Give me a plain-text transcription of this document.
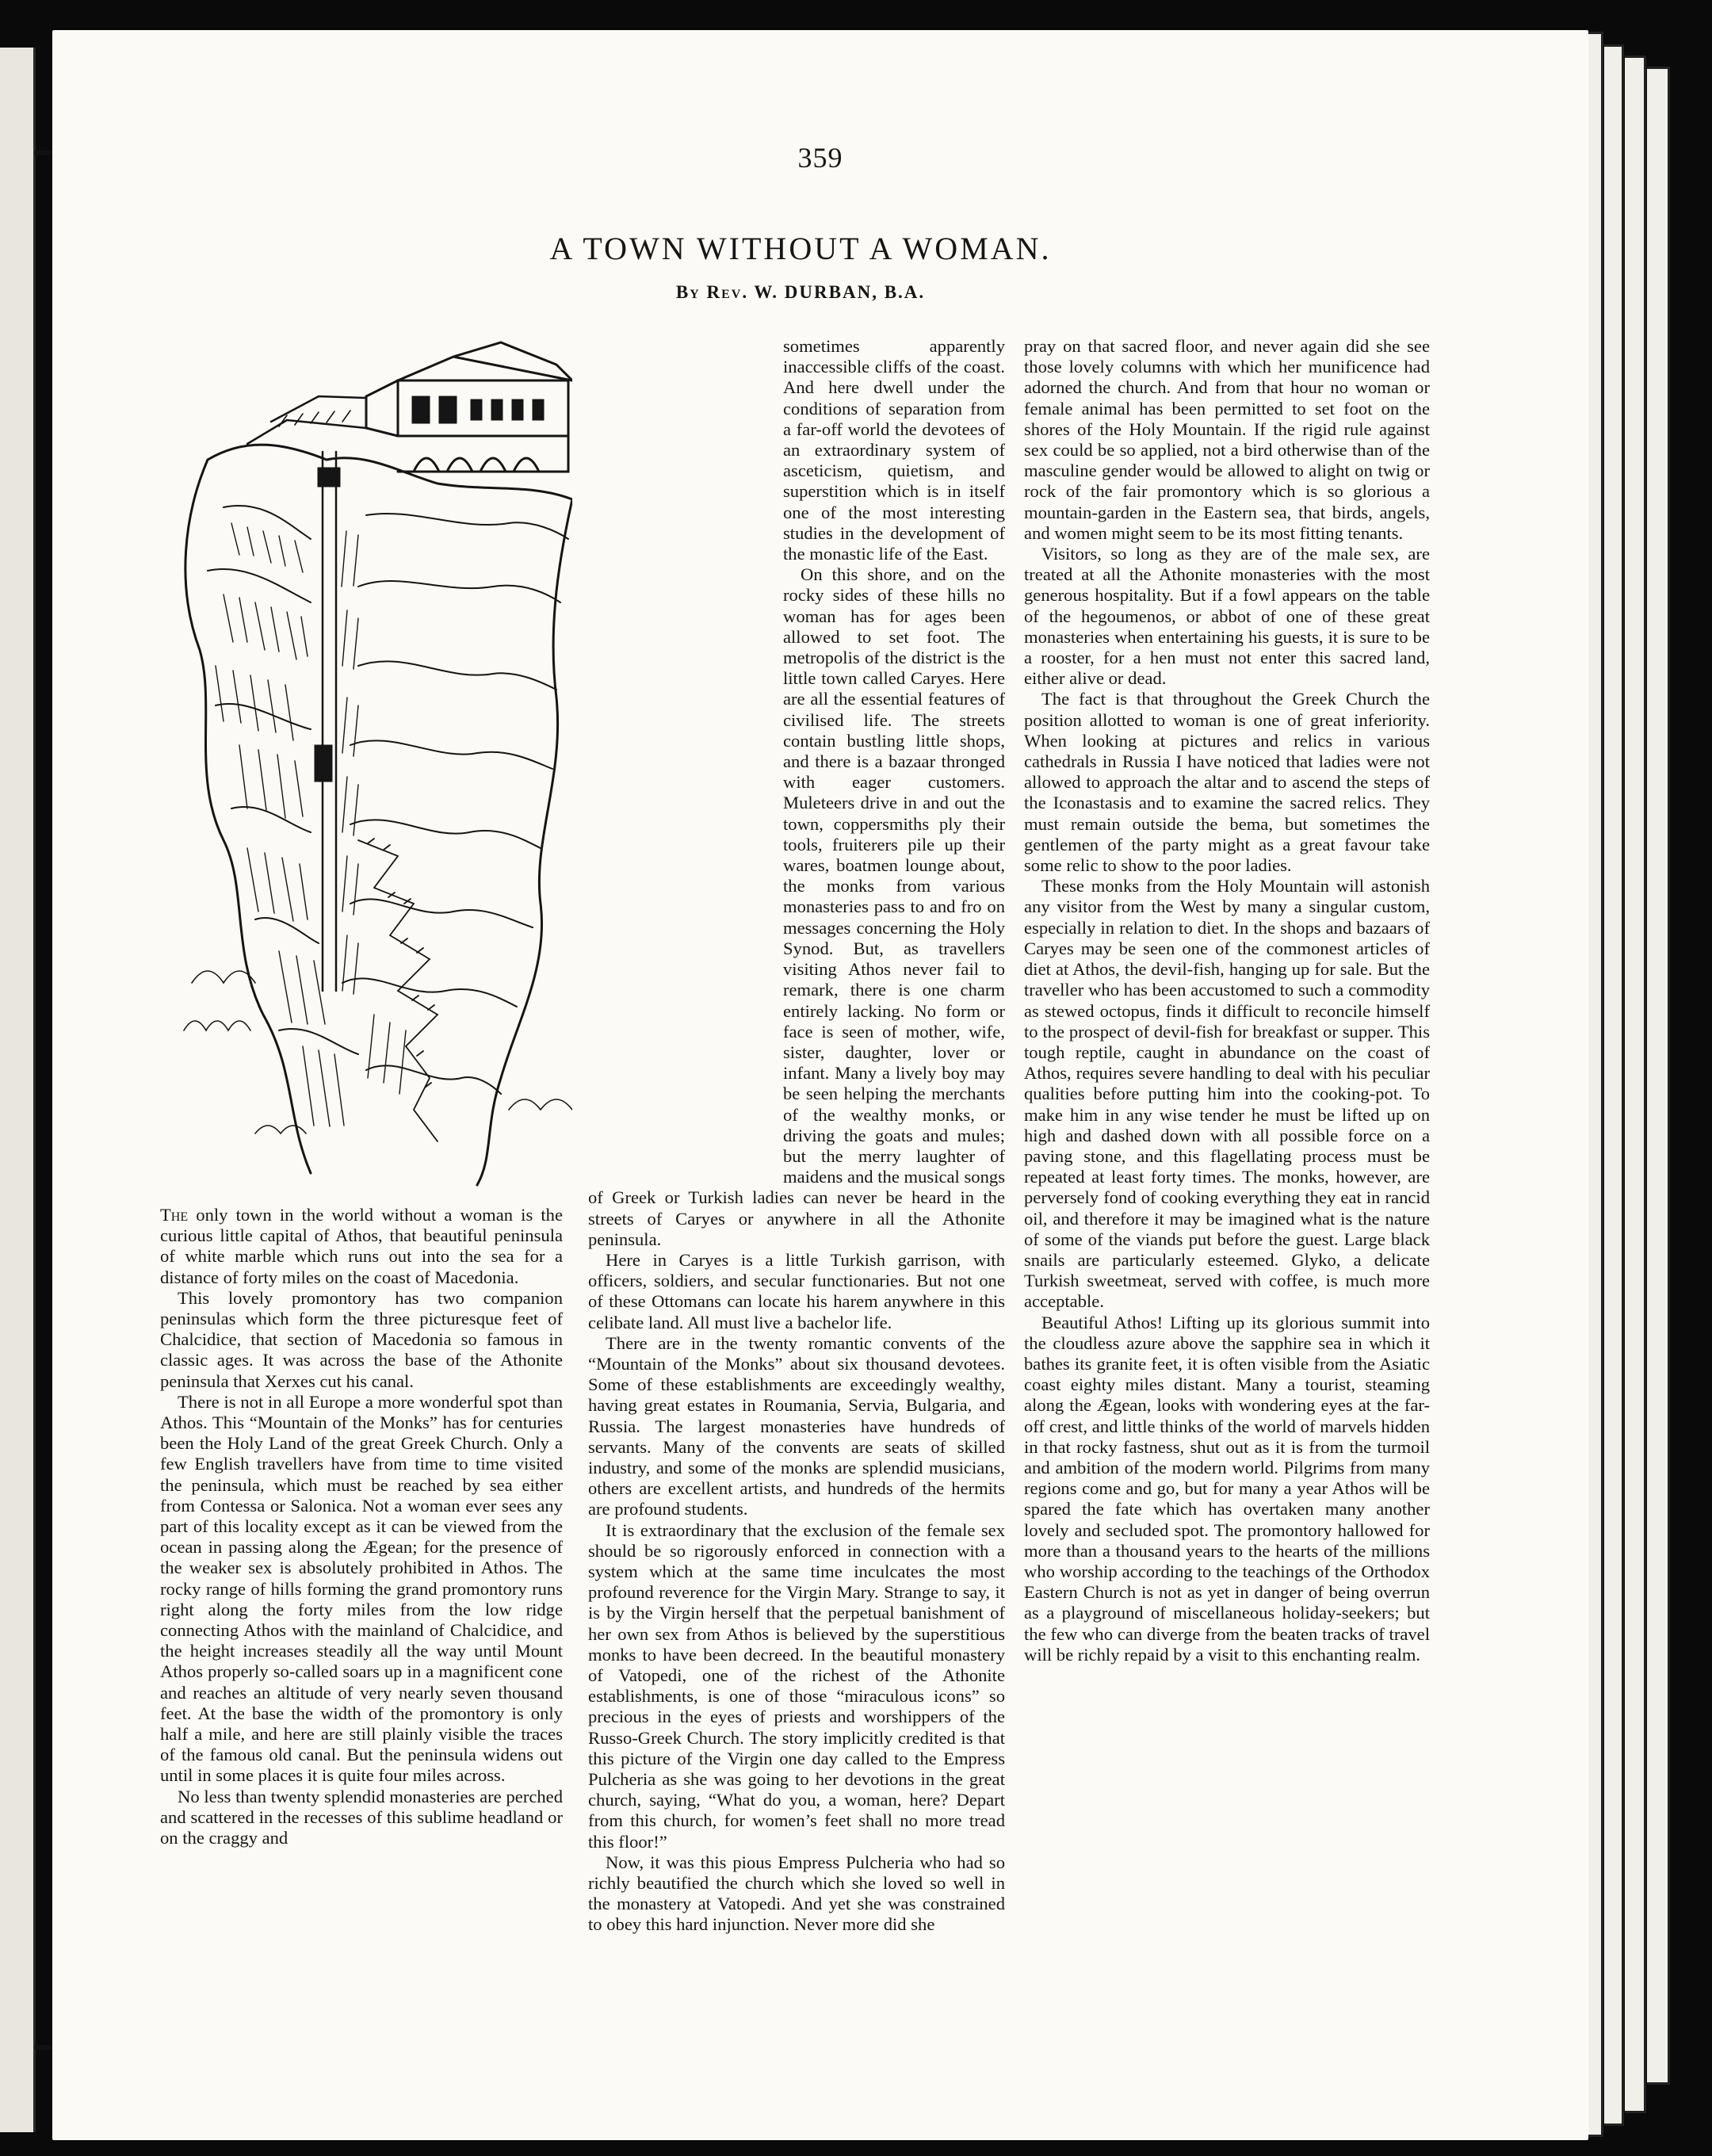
359
A TOWN WITHOUT A WOMAN.
By Rev. W. DURBAN, B.A.

The only town in the world without a woman is the curious little capital of Athos, that beautiful peninsula of white marble which runs out into the sea for a distance of forty miles on the coast of Macedonia.

This lovely promontory has two companion peninsulas which form the three picturesque feet of Chalcidice, that section of Macedonia so famous in classic ages. It was across the base of the Athonite peninsula that Xerxes cut his canal.

There is not in all Europe a more wonderful spot than Athos. This “Mountain of the Monks” has for centuries been the Holy Land of the great Greek Church. Only a few English travellers have from time to time visited the peninsula, which must be reached by sea either from Contessa or Salonica. Not a woman ever sees any part of this locality except as it can be viewed from the ocean in passing along the Ægean; for the presence of the weaker sex is absolutely prohibited in Athos. The rocky range of hills forming the grand promontory runs right along the forty miles from the low ridge connecting Athos with the mainland of Chalcidice, and the height increases steadily all the way until Mount Athos properly so-called soars up in a magnificent cone and reaches an altitude of very nearly seven thousand feet. At the base the width of the promontory is only half a mile, and here are still plainly visible the traces of the famous old canal. But the peninsula widens out until in some places it is quite four miles across.

No less than twenty splendid monasteries are perched and scattered in the recesses of this sublime headland or on the craggy and

sometimes apparently inaccessible cliffs of the coast. And here dwell under the conditions of separation from a far-off world the devotees of an extraordinary system of asceticism, quietism, and superstition which is in itself one of the most interesting studies in the development of the monastic life of the East.

On this shore, and on the rocky sides of these hills no woman has for ages been allowed to set foot. The metropolis of the district is the little town called Caryes. Here are all the essential features of civilised life. The streets contain bustling little shops, and there is a bazaar thronged with eager customers. Muleteers drive in and out the town, coppersmiths ply their tools, fruiterers pile up their wares, boatmen lounge about, the monks from various monasteries pass to and fro on messages concerning the Holy Synod. But, as travellers visiting Athos never fail to remark, there is one charm entirely lacking. No form or face is seen of mother, wife, sister, daughter, lover or infant. Many a lively boy may be seen helping the merchants of the wealthy monks, or driving the goats and mules; but the merry laughter of maidens and the musical songs of Greek or Turkish ladies can never be heard in the streets of Caryes or anywhere in all the Athonite peninsula.

Here in Caryes is a little Turkish garrison, with officers, soldiers, and secular functionaries. But not one of these Ottomans can locate his harem anywhere in this celibate land. All must live a bachelor life.

There are in the twenty romantic convents of the “Mountain of the Monks” about six thousand devotees. Some of these establishments are exceedingly wealthy, having great estates in Roumania, Servia, Bulgaria, and Russia. The largest monasteries have hundreds of servants. Many of the convents are seats of skilled industry, and some of the monks are splendid musicians, others are excellent artists, and hundreds of the hermits are profound students.

It is extraordinary that the exclusion of the female sex should be so rigorously enforced in connection with a system which at the same time inculcates the most profound reverence for the Virgin Mary. Strange to say, it is by the Virgin herself that the perpetual banishment of her own sex from Athos is believed by the superstitious monks to have been decreed. In the beautiful monastery of Vatopedi, one of the richest of the Athonite establishments, is one of those “miraculous icons” so precious in the eyes of priests and worshippers of the Russo-Greek Church. The story implicitly credited is that this picture of the Virgin one day called to the Empress Pulcheria as she was going to her devotions in the great church, saying, “What do you, a woman, here? Depart from this church, for women’s feet shall no more tread this floor!”

Now, it was this pious Empress Pulcheria who had so richly beautified the church which she loved so well in the monastery at Vatopedi. And yet she was constrained to obey this hard injunction. Never more did she

pray on that sacred floor, and never again did she see those lovely columns with which her munificence had adorned the church. And from that hour no woman or female animal has been permitted to set foot on the shores of the Holy Mountain. If the rigid rule against sex could be so applied, not a bird otherwise than of the masculine gender would be allowed to alight on twig or rock of the fair promontory which is so glorious a mountain-garden in the Eastern sea, that birds, angels, and women might seem to be its most fitting tenants.

Visitors, so long as they are of the male sex, are treated at all the Athonite monasteries with the most generous hospitality. But if a fowl appears on the table of the hegoumenos, or abbot of one of these great monasteries when entertaining his guests, it is sure to be a rooster, for a hen must not enter this sacred land, either alive or dead.

The fact is that throughout the Greek Church the position allotted to woman is one of great inferiority. When looking at pictures and relics in various cathedrals in Russia I have noticed that ladies were not allowed to approach the altar and to ascend the steps of the Iconastasis and to examine the sacred relics. They must remain outside the bema, but sometimes the gentlemen of the party might as a great favour take some relic to show to the poor ladies.

These monks from the Holy Mountain will astonish any visitor from the West by many a singular custom, especially in relation to diet. In the shops and bazaars of Caryes may be seen one of the commonest articles of diet at Athos, the devil-fish, hanging up for sale. But the traveller who has been accustomed to such a commodity as stewed octopus, finds it difficult to reconcile himself to the prospect of devil-fish for breakfast or supper. This tough reptile, caught in abundance on the coast of Athos, requires severe handling to deal with his peculiar qualities before putting him into the cooking-pot. To make him in any wise tender he must be lifted up on high and dashed down with all possible force on a paving stone, and this flagellating process must be repeated at least forty times. The monks, however, are perversely fond of cooking everything they eat in rancid oil, and therefore it may be imagined what is the nature of some of the viands put before the guest. Large black snails are particularly esteemed. Glyko, a delicate Turkish sweetmeat, served with coffee, is much more acceptable.

Beautiful Athos! Lifting up its glorious summit into the cloudless azure above the sapphire sea in which it bathes its granite feet, it is often visible from the Asiatic coast eighty miles distant. Many a tourist, steaming along the Ægean, looks with wondering eyes at the far-off crest, and little thinks of the world of marvels hidden in that rocky fastness, shut out as it is from the turmoil and ambition of the modern world. Pilgrims from many regions come and go, but for many a year Athos will be spared the fate which has overtaken many another lovely and secluded spot. The promontory hallowed for more than a thousand years to the hearts of the millions who worship according to the teachings of the Orthodox Eastern Church is not as yet in danger of being overrun as a playground of miscellaneous holiday-seekers; but the few who can diverge from the beaten tracks of travel will be richly repaid by a visit to this enchanting realm.
